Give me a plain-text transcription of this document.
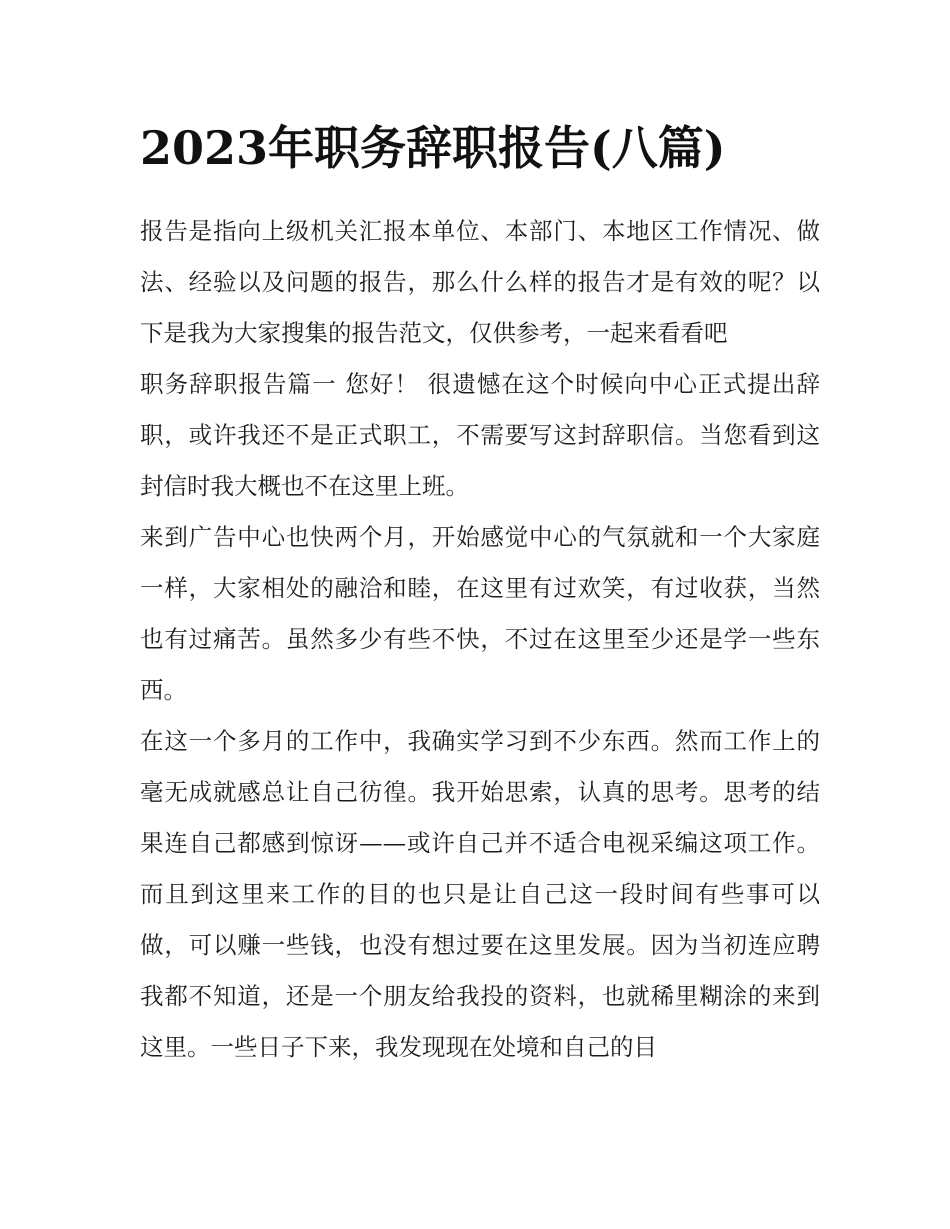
2023年职务辞职报告(八篇)

报告是指向上级机关汇报本单位、本部门、本地区工作情况、做法、经验以及问题的报告，那么什么样的报告才是有效的呢？以下是我为大家搜集的报告范文，仅供参考，一起来看看吧

职务辞职报告篇一 您好！ 很遗憾在这个时候向中心正式提出辞职，或许我还不是正式职工，不需要写这封辞职信。当您看到这封信时我大概也不在这里上班。

来到广告中心也快两个月，开始感觉中心的气氛就和一个大家庭一样，大家相处的融洽和睦，在这里有过欢笑，有过收获，当然也有过痛苦。虽然多少有些不快，不过在这里至少还是学一些东西。

在这一个多月的工作中，我确实学习到不少东西。然而工作上的毫无成就感总让自己彷徨。我开始思索，认真的思考。思考的结果连自己都感到惊讶——或许自己并不适合电视采编这项工作。而且到这里来工作的目的也只是让自己这一段时间有些事可以做，可以赚一些钱，也没有想过要在这里发展。因为当初连应聘我都不知道，还是一个朋友给我投的资料，也就稀里糊涂的来到这里。一些日子下来，我发现现在处境和自己的目
